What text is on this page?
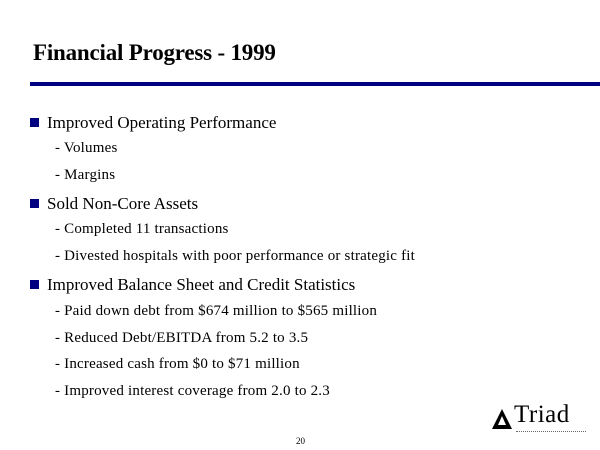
Financial Progress - 1999
Improved Operating Performance
- Volumes
- Margins
Sold Non-Core Assets
- Completed 11 transactions
- Divested hospitals with poor performance or strategic fit
Improved Balance Sheet and Credit Statistics
- Paid down debt from $674 million to $565 million
- Reduced Debt/EBITDA from 5.2 to 3.5
- Increased cash from $0 to $71 million
- Improved interest coverage from 2.0 to 2.3
Triad
20
